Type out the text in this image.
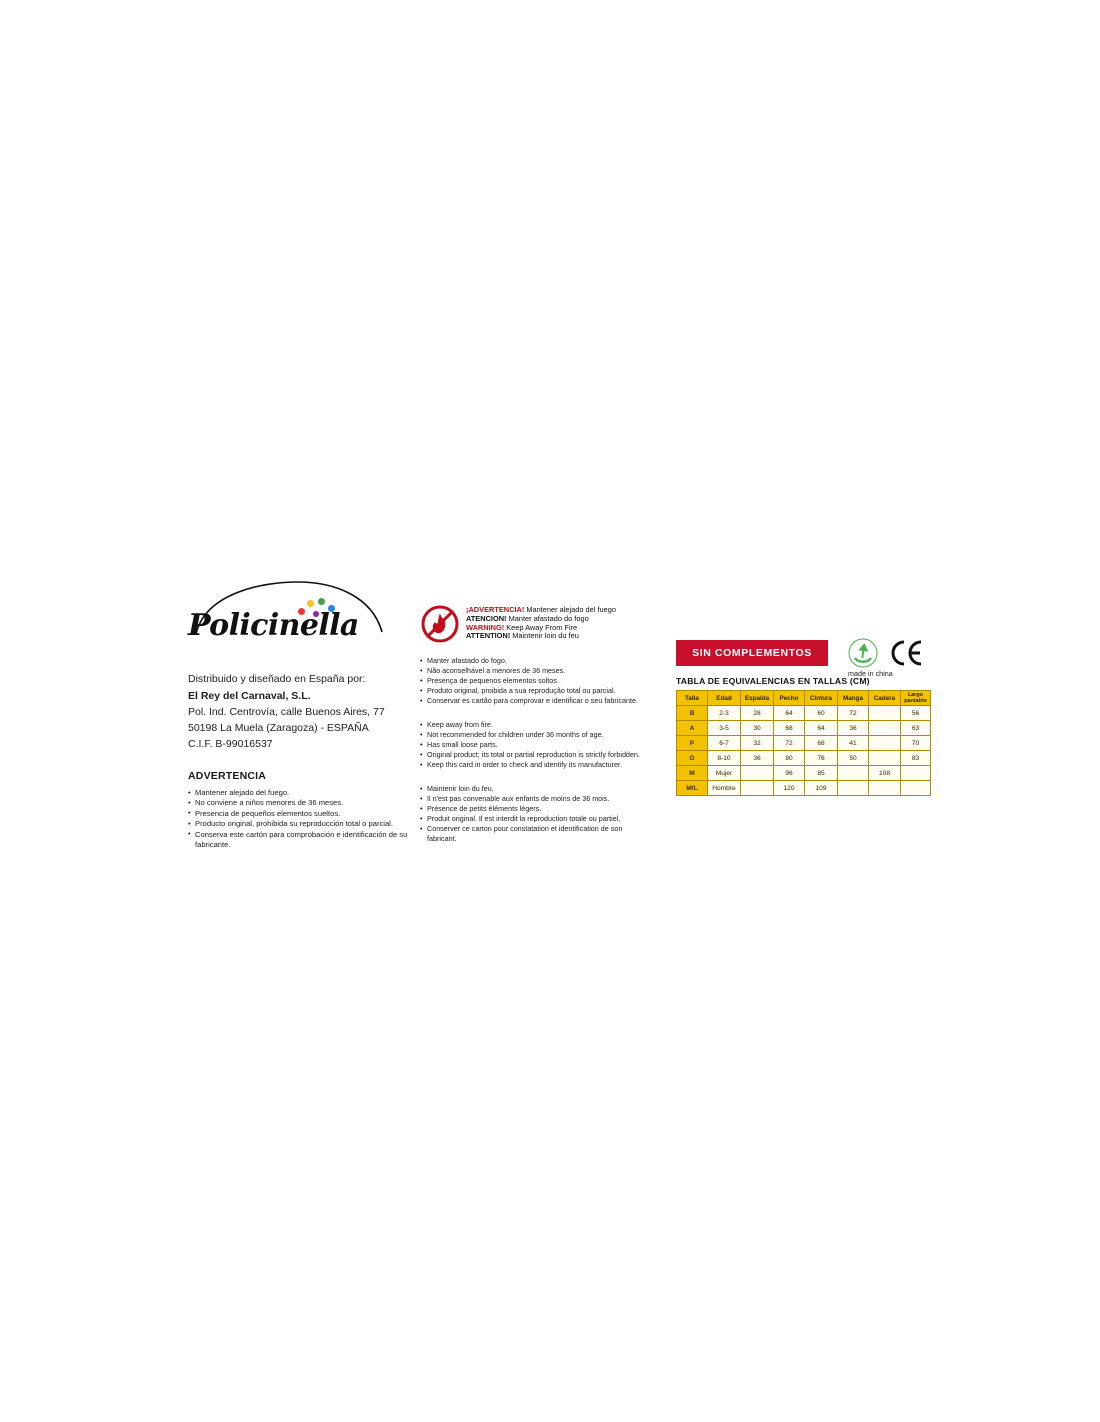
Policinella
Distribuido y diseñado en España por:
El Rey del Carnaval, S.L.
Pol. Ind. Centrovía, calle Buenos Aires, 77
50198 La Muela (Zaragoza) - ESPAÑA
C.I.F. B-99016537
ADVERTENCIA
• Mantener alejado del fuego.
• No conviene a niños menores de 36 meses.
• Presencia de pequeños elementos sueltos.
• Producto original, prohibida su reproducción total o parcial.
• Conserva este cartón para comprobación e identificación de su fabricante.
¡ADVERTENCIA! Mantener alejado del fuego
ATENCION! Manter afastado do fogo
WARNING! Keep Away From Fire
ATTENTION! Maintenir loin du feu
• Manter afastado do fogo.
• Não aconselhável a menores de 36 meses.
• Presença de pequenos elementos soltos.
• Produto original, proibida a sua reprodução total ou parcial.
• Conservar es cartão para comprovar e identificar o seu fabricante.
• Keep away from fire.
• Not recommended for children under 36 months of age.
• Has small loose parts.
• Original product; its total or partial reproduction is strictly forbidden.
• Keep this card in order to check and identify its manufacturer.
• Maintenir loin du feu.
• Il n'est pas convenable aux enfants de moins de 36 mois.
• Présence de petits éléments légers.
• Produit original. Il est interdit la reproduction totale ou partiel.
• Conserver ce carton pour constatation et identification de son fabricant.
SIN COMPLEMENTOS
made in china
TABLA DE EQUIVALENCIAS EN TALLAS (CM)
Talla	Edad	Espalda	Pecho	Cintura	Manga	Cadera	Largo
pantalón

B	2-3	28	64	60	72		56
A	3-5	30	68	64	36		63
P	6-7	32	72	68	41		70
G	8-10	36	80	76	50		83
M	Mujer		96	85		108	
M/L	Hombre		120	109			
